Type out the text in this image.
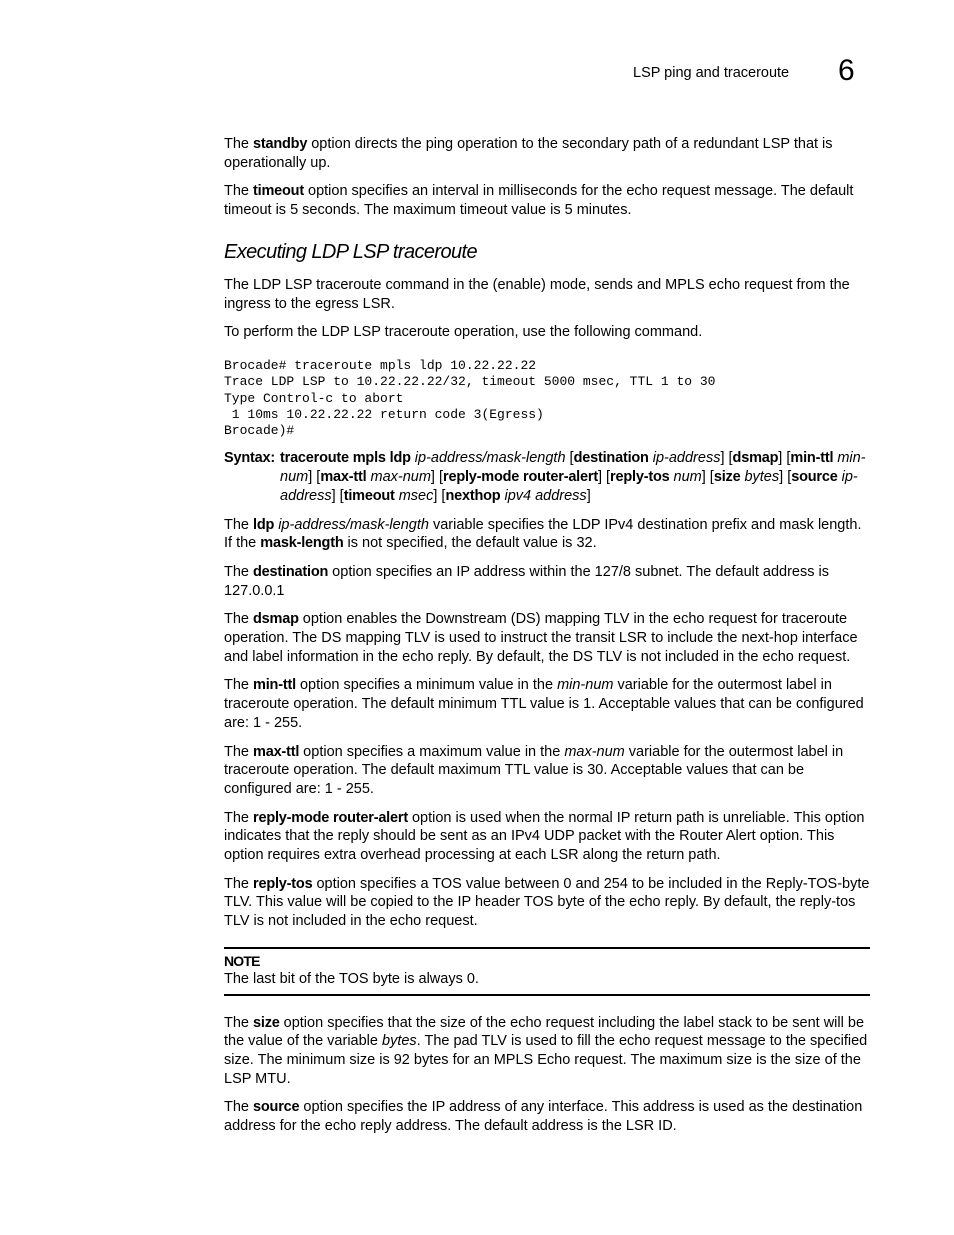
LSP ping and traceroute 6

The standby option directs the ping operation to the secondary path of a redundant LSP that is operationally up.

The timeout option specifies an interval in milliseconds for the echo request message. The default timeout is 5 seconds. The maximum timeout value is 5 minutes.

Executing LDP LSP traceroute

The LDP LSP traceroute command in the (enable) mode, sends and MPLS echo request from the ingress to the egress LSR.

To perform the LDP LSP traceroute operation, use the following command.

Brocade# traceroute mpls ldp 10.22.22.22
Trace LDP LSP to 10.22.22.22/32, timeout 5000 msec, TTL 1 to 30
Type Control-c to abort
1 10ms 10.22.22.22 return code 3(Egress)
Brocade)#
Syntax: traceroute mpls ldp ip-address/mask-length [destination ip-address] [dsmap] [min-ttl min-num] [max-ttl max-num] [reply-mode router-alert] [reply-tos num] [size bytes] [source ip-address] [timeout msec] [nexthop ipv4 address]

The ldp ip-address/mask-length variable specifies the LDP IPv4 destination prefix and mask length. If the mask-length is not specified, the default value is 32.

The destination option specifies an IP address within the 127/8 subnet. The default address is 127.0.0.1

The dsmap option enables the Downstream (DS) mapping TLV in the echo request for traceroute operation. The DS mapping TLV is used to instruct the transit LSR to include the next-hop interface and label information in the echo reply. By default, the DS TLV is not included in the echo request.

The min-ttl option specifies a minimum value in the min-num variable for the outermost label in traceroute operation. The default minimum TTL value is 1. Acceptable values that can be configured are: 1 - 255.

The max-ttl option specifies a maximum value in the max-num variable for the outermost label in traceroute operation. The default maximum TTL value is 30. Acceptable values that can be configured are: 1 - 255.

The reply-mode router-alert option is used when the normal IP return path is unreliable. This option indicates that the reply should be sent as an IPv4 UDP packet with the Router Alert option. This option requires extra overhead processing at each LSR along the return path.

The reply-tos option specifies a TOS value between 0 and 254 to be included in the Reply-TOS-byte TLV. This value will be copied to the IP header TOS byte of the echo reply. By default, the reply-tos TLV is not included in the echo request.

NOTE
The last bit of the TOS byte is always 0.

The size option specifies that the size of the echo request including the label stack to be sent will be the value of the variable bytes. The pad TLV is used to fill the echo request message to the specified size. The minimum size is 92 bytes for an MPLS Echo request. The maximum size is the size of the LSP MTU.

The source option specifies the IP address of any interface. This address is used as the destination address for the echo reply address. The default address is the LSR ID.
